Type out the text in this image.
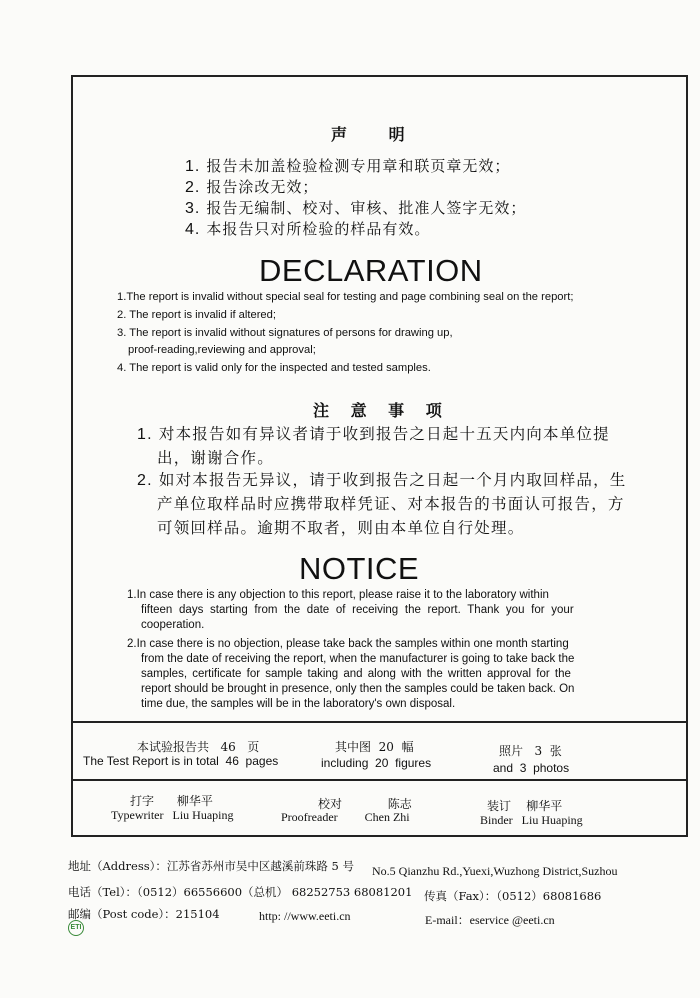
声 明
1. 报告未加盖检验检测专用章和联页章无效；
2. 报告涂改无效；
3. 报告无编制、校对、审核、批准人签字无效；
4. 本报告只对所检验的样品有效。
DECLARATION
1.The report is invalid without special seal for testing and page combining seal on the report;
2. The report is invalid if altered;
3. The report is invalid without signatures of persons for drawing up,
proof-reading,reviewing and approval;
4. The report is valid only for the inspected and tested samples.
注 意 事 项
1. 对本报告如有异议者请于收到报告之日起十五天内向本单位提
出，谢谢合作。
2. 如对本报告无异议，请于收到报告之日起一个月内取回样品，生
产单位取样品时应携带取样凭证、对本报告的书面认可报告，方
可领回样品。逾期不取者，则由本单位自行处理。
NOTICE
1.In case there is any objection to this report, please raise it to the laboratory within
fifteen days starting from the date of receiving the report. Thank you for your
cooperation.
2.In case there is no objection, please take back the samples within one month starting
from the date of receiving the report, when the manufacturer is going to take back the
samples, certificate for sample taking and along with the written approval for the
report should be brought in presence, only then the samples could be taken back. On
time due, the samples will be in the laboratory's own disposal.
本试验报告共 46 页
The Test Report is in total 46 pages
其中图 20 幅
including 20 figures
照片 3 张
and 3 photos
打字 柳华平
Typewriter Liu Huaping
校对	陈志
Proofreader Chen Zhi
装订 柳华平
Binder Liu Huaping
地址（Address）：江苏省苏州市吴中区越溪前珠路 5 号 No.5 Qianzhu Rd.,Yuexi,Wuzhong District,Suzhou
电话（Tel）：（0512）66556600（总机） 68252753 68081201 传真（Fax）：（0512）68081686
邮编（Post code）：215104	http: //www.eeti.cn	E-mail：eservice @eeti.cn
ETI
